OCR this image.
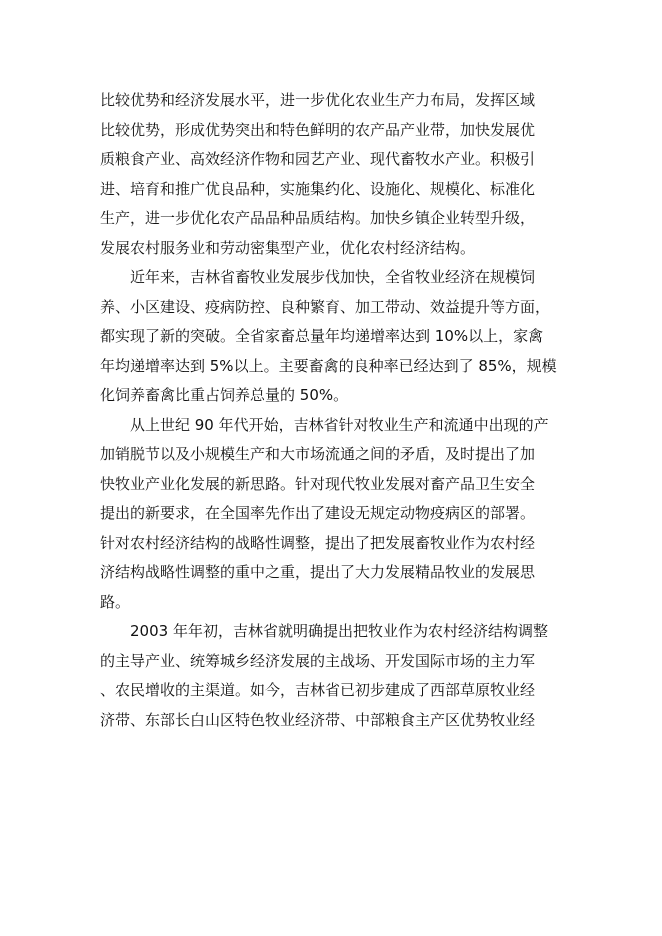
比较优势和经济发展水平，进一步优化农业生产力布局，发挥区域
比较优势，形成优势突出和特色鲜明的农产品产业带，加快发展优
质粮食产业、高效经济作物和园艺产业、现代畜牧水产业。积极引
进、培育和推广优良品种，实施集约化、设施化、规模化、标准化
生产，进一步优化农产品品种品质结构。加快乡镇企业转型升级，
发展农村服务业和劳动密集型产业，优化农村经济结构。
近年来，吉林省畜牧业发展步伐加快，全省牧业经济在规模饲
养、小区建设、疫病防控、良种繁育、加工带动、效益提升等方面，
都实现了新的突破。全省家畜总量年均递增率达到 10%以上，家禽
年均递增率达到 5%以上。主要畜禽的良种率已经达到了 85%，规模
化饲养畜禽比重占饲养总量的 50%。
从上世纪 90 年代开始，吉林省针对牧业生产和流通中出现的产
加销脱节以及小规模生产和大市场流通之间的矛盾，及时提出了加
快牧业产业化发展的新思路。针对现代牧业发展对畜产品卫生安全
提出的新要求，在全国率先作出了建设无规定动物疫病区的部署。
针对农村经济结构的战略性调整，提出了把发展畜牧业作为农村经
济结构战略性调整的重中之重，提出了大力发展精品牧业的发展思
路。
2003 年年初，吉林省就明确提出把牧业作为农村经济结构调整
的主导产业、统筹城乡经济发展的主战场、开发国际市场的主力军
、农民增收的主渠道。如今，吉林省已初步建成了西部草原牧业经
济带、东部长白山区特色牧业经济带、中部粮食主产区优势牧业经
